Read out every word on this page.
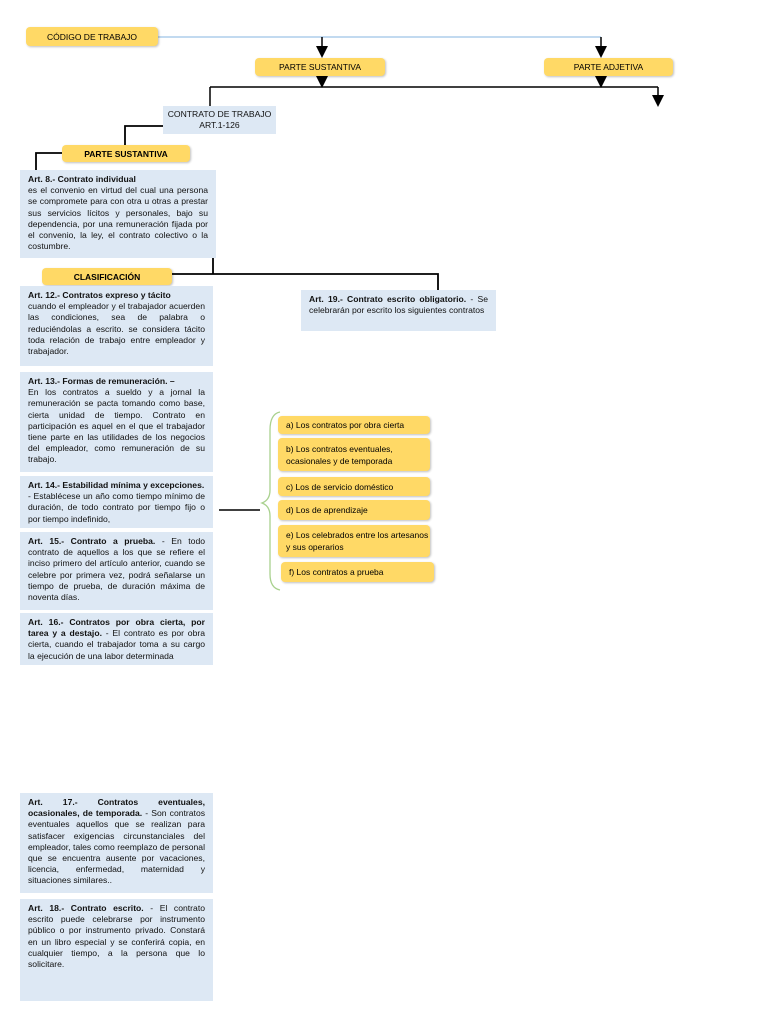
CÓDIGO DE TRABAJO
PARTE SUSTANTIVA	PARTE ADJETIVA
CONTRATO DE TRABAJO
ART.1-126
PARTE SUSTANTIVA
Art. 8.- Contrato individual
es el convenio en virtud del cual una persona se compromete para con otra u otras a prestar sus servicios lícitos y personales, bajo su dependencia, por una remuneración fijada por el convenio, la ley, el contrato colectivo o la costumbre.
CLASIFICACIÓN
Art. 12.- Contratos expreso y tácito
cuando el empleador y el trabajador acuerden las condiciones, sea de palabra o reduciéndolas a escrito. se considera tácito toda relación de trabajo entre empleador y trabajador.
Art. 13.- Formas de remuneración. –
En los contratos a sueldo y a jornal la remuneración se pacta tomando como base, cierta unidad de tiempo. Contrato en participación es aquel en el que el trabajador tiene parte en las utilidades de los negocios del empleador, como remuneración de su trabajo.
Art. 14.- Estabilidad mínima y excepciones.
- Establécese un año como tiempo mínimo de duración, de todo contrato por tiempo fijo o por tiempo indefinido,
Art. 15.- Contrato a prueba. - En todo contrato de aquellos a los que se refiere el inciso primero del artículo anterior, cuando se celebre por primera vez, podrá señalarse un tiempo de prueba, de duración máxima de noventa días.
Art. 16.- Contratos por obra cierta, por tarea y a destajo. - El contrato es por obra cierta, cuando el trabajador toma a su cargo la ejecución de una labor determinada
Art. 17.- Contratos eventuales, ocasionales, de temporada. - Son contratos eventuales aquellos que se realizan para satisfacer exigencias circunstanciales del empleador, tales como reemplazo de personal que se encuentra ausente por vacaciones, licencia, enfermedad, maternidad y situaciones similares..
Art. 18.- Contrato escrito. - El contrato escrito puede celebrarse por instrumento público o por instrumento privado. Constará en un libro especial y se conferirá copia, en cualquier tiempo, a la persona que lo solicitare.
Art. 19.- Contrato escrito obligatorio. - Se celebrarán por escrito los siguientes contratos
a) Los contratos por obra cierta
b) Los contratos eventuales, ocasionales y de temporada
c) Los de servicio doméstico
d) Los de aprendizaje
e) Los celebrados entre los artesanos y sus operarios
f) Los contratos a prueba
